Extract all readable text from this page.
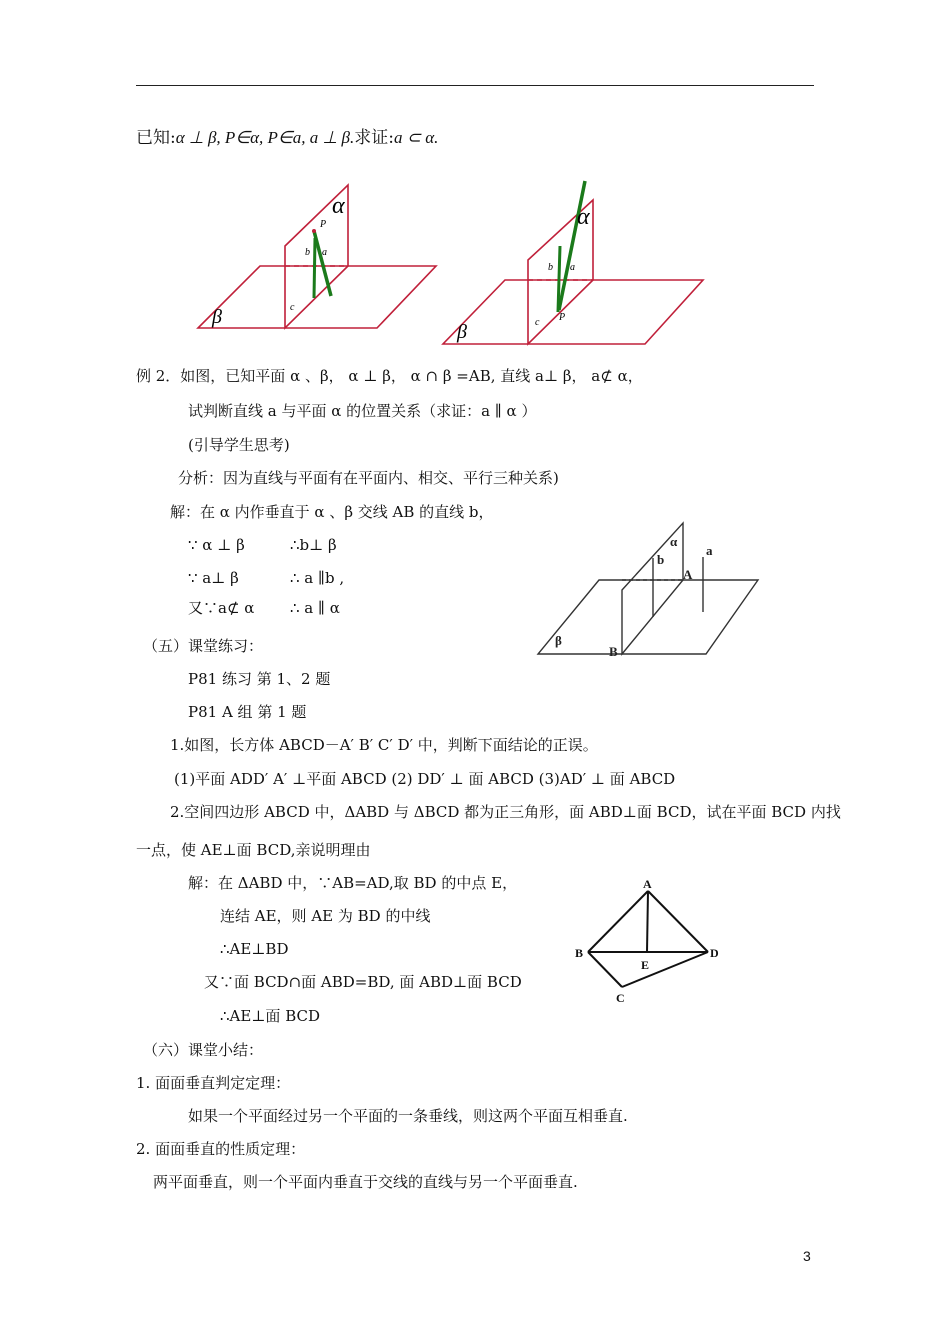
已知:α ⊥ β, P∈α, P∈a, a ⊥ β.求证:a ⊂ α.
α
β
P
b a
c
α
β
P
b a
c
例 2．如图，已知平面 α 、β， α ⊥ β， α ∩ β =AB, 直线 a⊥ β， a⊄ α，
试判断直线 a 与平面 α 的位置关系（求证：a ∥ α ）
(引导学生思考)
分析：因为直线与平面有在平面内、相交、平行三种关系)
解：在 α 内作垂直于 α 、β 交线 AB 的直线 b，
∵ α ⊥ β	∴b⊥ β
∵ a⊥ β	∴ a ∥b ,
又∵a⊄ α ∴ a ∥ α
α
β
a
b
A
B
（五）课堂练习：
P81 练习 第 1、2 题
P81 A 组 第 1 题
1.如图，长方体 ABCD－A′ B′ C′ D′ 中，判断下面结论的正误。
(1)平面 ADD′ A′ ⊥平面 ABCD (2) DD′ ⊥ 面 ABCD (3)AD′ ⊥ 面 ABCD
2.空间四边形 ABCD 中，ΔABD 与 ΔBCD 都为正三角形，面 ABD⊥面 BCD，试在平面 BCD 内找
一点，使 AE⊥面 BCD,亲说明理由
解：在 ΔABD 中，∵AB=AD,取 BD 的中点 E，
连结 AE，则 AE 为 BD 的中线
∴AE⊥BD
又∵面 BCD∩面 ABD=BD, 面 ABD⊥面 BCD
∴AE⊥面 BCD
A
B	D
E
C
（六）课堂小结：
1. 面面垂直判定定理：
如果一个平面经过另一个平面的一条垂线，则这两个平面互相垂直.
2. 面面垂直的性质定理：
两平面垂直，则一个平面内垂直于交线的直线与另一个平面垂直.
3
